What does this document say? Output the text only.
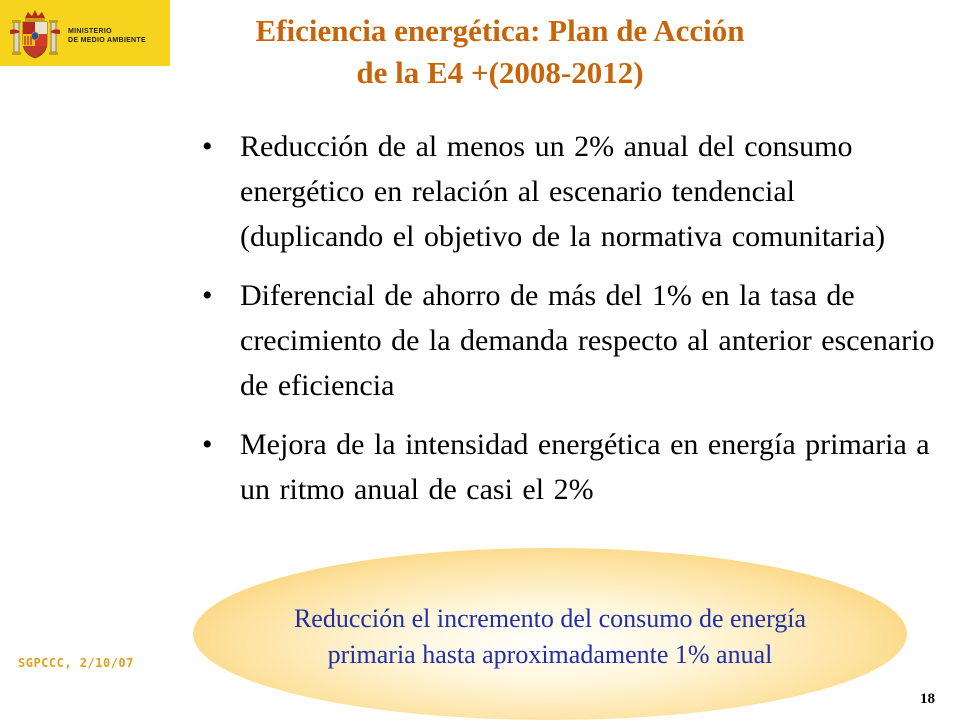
MINISTERIO
DE MEDIO AMBIENTE	Eficiencia energética: Plan de Acción
de la E4 +(2008-2012)
• Reducción de al menos un 2% anual del consumo energético en relación al escenario tendencial (duplicando el objetivo de la normativa comunitaria)
• Diferencial de ahorro de más del 1% en la tasa de crecimiento de la demanda respecto al anterior escenario de eficiencia
• Mejora de la intensidad energética en energía primaria a un ritmo anual de casi el 2%
Reducción el incremento del consumo de energía
primaria hasta aproximadamente 1% anual
SGPCCC, 2/10/07
18
